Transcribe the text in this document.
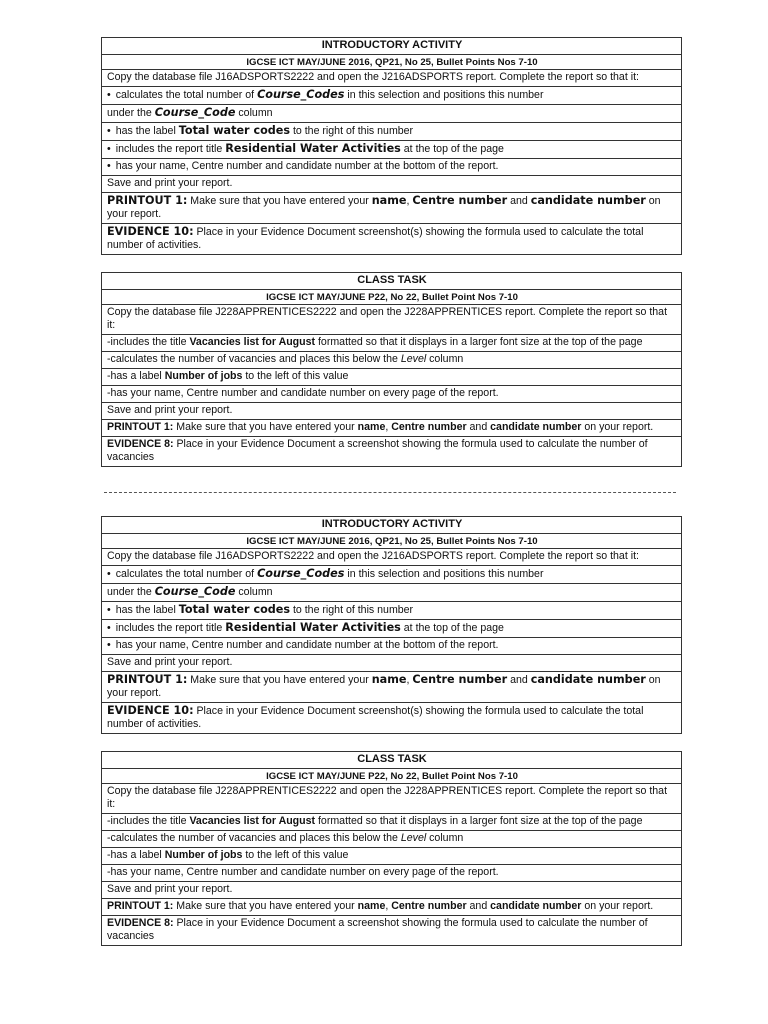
INTRODUCTORY ACTIVITY
IGCSE ICT MAY/JUNE 2016, QP21, No 25, Bullet Points Nos 7-10
Copy the database file J16ADSPORTS2222 and open the J216ADSPORTS report. Complete the report so that it:
• calculates the total number of Course_Codes in this selection and positions this number
under the Course_Code column
• has the label Total water codes to the right of this number
• includes the report title Residential Water Activities at the top of the page
• has your name, Centre number and candidate number at the bottom of the report.
Save and print your report.
PRINTOUT 1: Make sure that you have entered your name, Centre number and candidate number on your report.
EVIDENCE 10: Place in your Evidence Document screenshot(s) showing the formula used to calculate the total number of activities.
CLASS TASK
IGCSE ICT MAY/JUNE P22, No 22, Bullet Point Nos 7-10
Copy the database file J228APPRENTICES2222 and open the J228APPRENTICES report. Complete the report so that it:
-includes the title Vacancies list for August formatted so that it displays in a larger font size at the top of the page
-calculates the number of vacancies and places this below the Level column
-has a label Number of jobs to the left of this value
-has your name, Centre number and candidate number on every page of the report.
Save and print your report.
PRINTOUT 1: Make sure that you have entered your name, Centre number and candidate number on your report.
EVIDENCE 8: Place in your Evidence Document a screenshot showing the formula used to calculate the number of vacancies
INTRODUCTORY ACTIVITY
IGCSE ICT MAY/JUNE 2016, QP21, No 25, Bullet Points Nos 7-10
Copy the database file J16ADSPORTS2222 and open the J216ADSPORTS report. Complete the report so that it:
• calculates the total number of Course_Codes in this selection and positions this number
under the Course_Code column
• has the label Total water codes to the right of this number
• includes the report title Residential Water Activities at the top of the page
• has your name, Centre number and candidate number at the bottom of the report.
Save and print your report.
PRINTOUT 1: Make sure that you have entered your name, Centre number and candidate number on your report.
EVIDENCE 10: Place in your Evidence Document screenshot(s) showing the formula used to calculate the total number of activities.
CLASS TASK
IGCSE ICT MAY/JUNE P22, No 22, Bullet Point Nos 7-10
Copy the database file J228APPRENTICES2222 and open the J228APPRENTICES report. Complete the report so that it:
-includes the title Vacancies list for August formatted so that it displays in a larger font size at the top of the page
-calculates the number of vacancies and places this below the Level column
-has a label Number of jobs to the left of this value
-has your name, Centre number and candidate number on every page of the report.
Save and print your report.
PRINTOUT 1: Make sure that you have entered your name, Centre number and candidate number on your report.
EVIDENCE 8: Place in your Evidence Document a screenshot showing the formula used to calculate the number of vacancies
